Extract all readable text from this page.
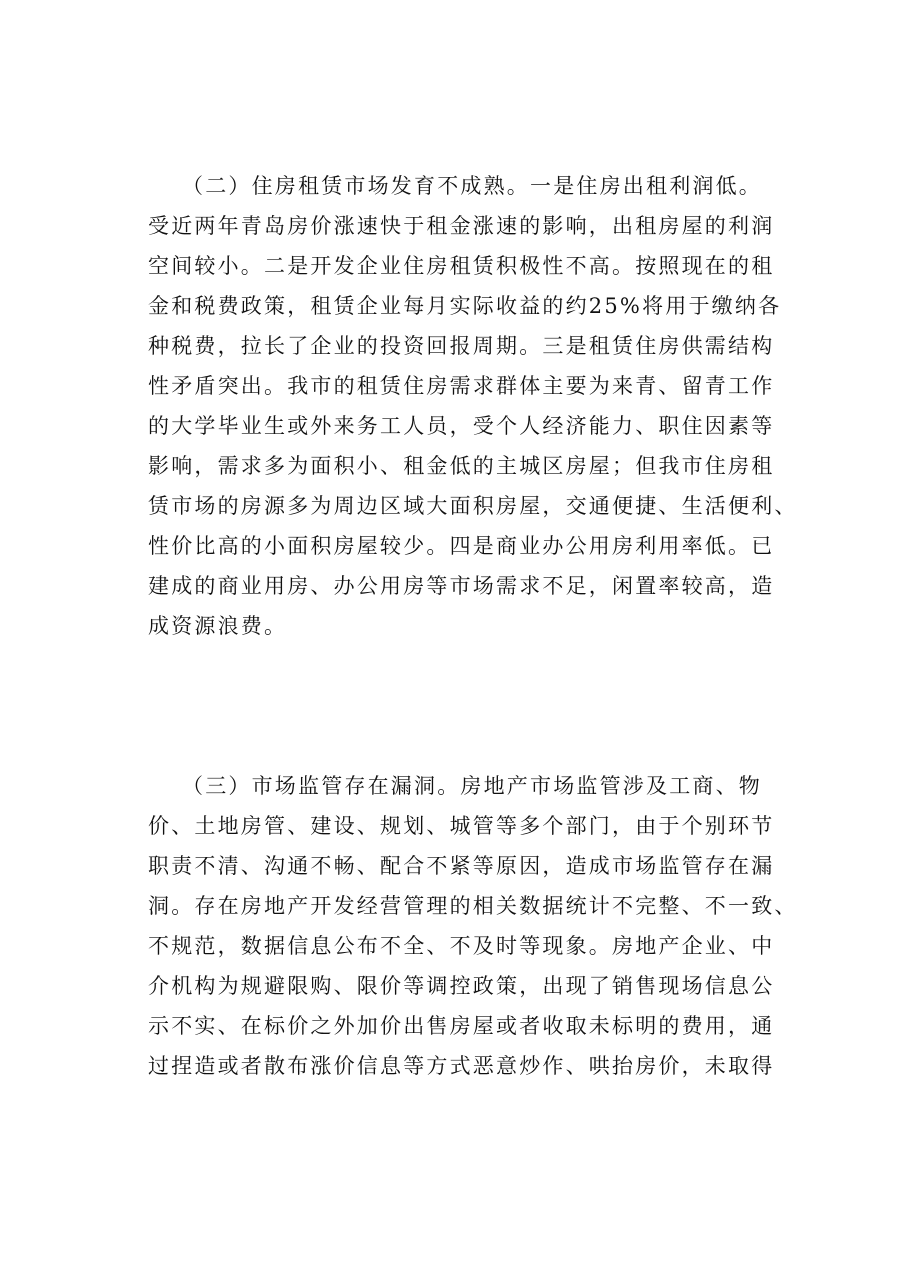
（二）住房租赁市场发育不成熟。一是住房出租利润低。
受近两年青岛房价涨速快于租金涨速的影响，出租房屋的利润
空间较小。二是开发企业住房租赁积极性不高。按照现在的租
金和税费政策，租赁企业每月实际收益的约25%将用于缴纳各
种税费，拉长了企业的投资回报周期。三是租赁住房供需结构
性矛盾突出。我市的租赁住房需求群体主要为来青、留青工作
的大学毕业生或外来务工人员，受个人经济能力、职住因素等
影响，需求多为面积小、租金低的主城区房屋；但我市住房租
赁市场的房源多为周边区域大面积房屋，交通便捷、生活便利、
性价比高的小面积房屋较少。四是商业办公用房利用率低。已
建成的商业用房、办公用房等市场需求不足，闲置率较高，造
成资源浪费。
（三）市场监管存在漏洞。房地产市场监管涉及工商、物
价、土地房管、建设、规划、城管等多个部门，由于个别环节
职责不清、沟通不畅、配合不紧等原因，造成市场监管存在漏
洞。存在房地产开发经营管理的相关数据统计不完整、不一致、
不规范，数据信息公布不全、不及时等现象。房地产企业、中
介机构为规避限购、限价等调控政策，出现了销售现场信息公
示不实、在标价之外加价出售房屋或者收取未标明的费用，通
过捏造或者散布涨价信息等方式恶意炒作、哄抬房价，未取得
